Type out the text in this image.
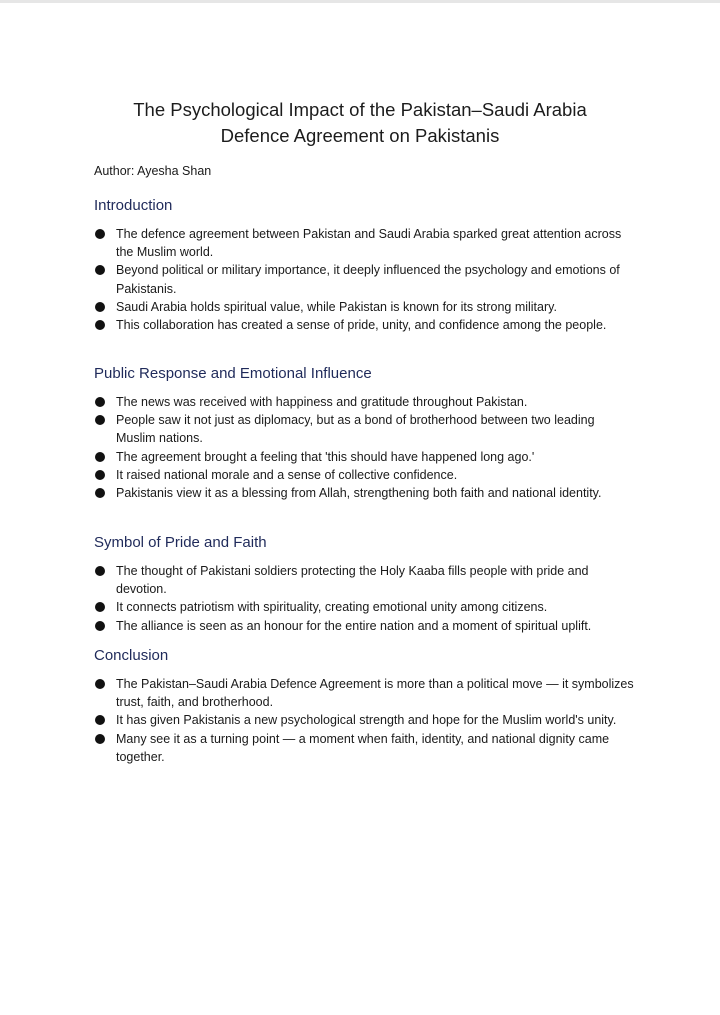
The Psychological Impact of the Pakistan–Saudi Arabia
Defence Agreement on Pakistanis

Author: Ayesha Shan

Introduction
The defence agreement between Pakistan and Saudi Arabia sparked great attention across the Muslim world.
Beyond political or military importance, it deeply influenced the psychology and emotions of Pakistanis.
Saudi Arabia holds spiritual value, while Pakistan is known for its strong military.
This collaboration has created a sense of pride, unity, and confidence among the people.
Public Response and Emotional Influence
The news was received with happiness and gratitude throughout Pakistan.
People saw it not just as diplomacy, but as a bond of brotherhood between two leading Muslim nations.
The agreement brought a feeling that 'this should have happened long ago.'
It raised national morale and a sense of collective confidence.
Pakistanis view it as a blessing from Allah, strengthening both faith and national identity.
Symbol of Pride and Faith
The thought of Pakistani soldiers protecting the Holy Kaaba fills people with pride and devotion.
It connects patriotism with spirituality, creating emotional unity among citizens.
The alliance is seen as an honour for the entire nation and a moment of spiritual uplift.
Conclusion
The Pakistan–Saudi Arabia Defence Agreement is more than a political move — it symbolizes trust, faith, and brotherhood.
It has given Pakistanis a new psychological strength and hope for the Muslim world's unity.
Many see it as a turning point — a moment when faith, identity, and national dignity came together.
